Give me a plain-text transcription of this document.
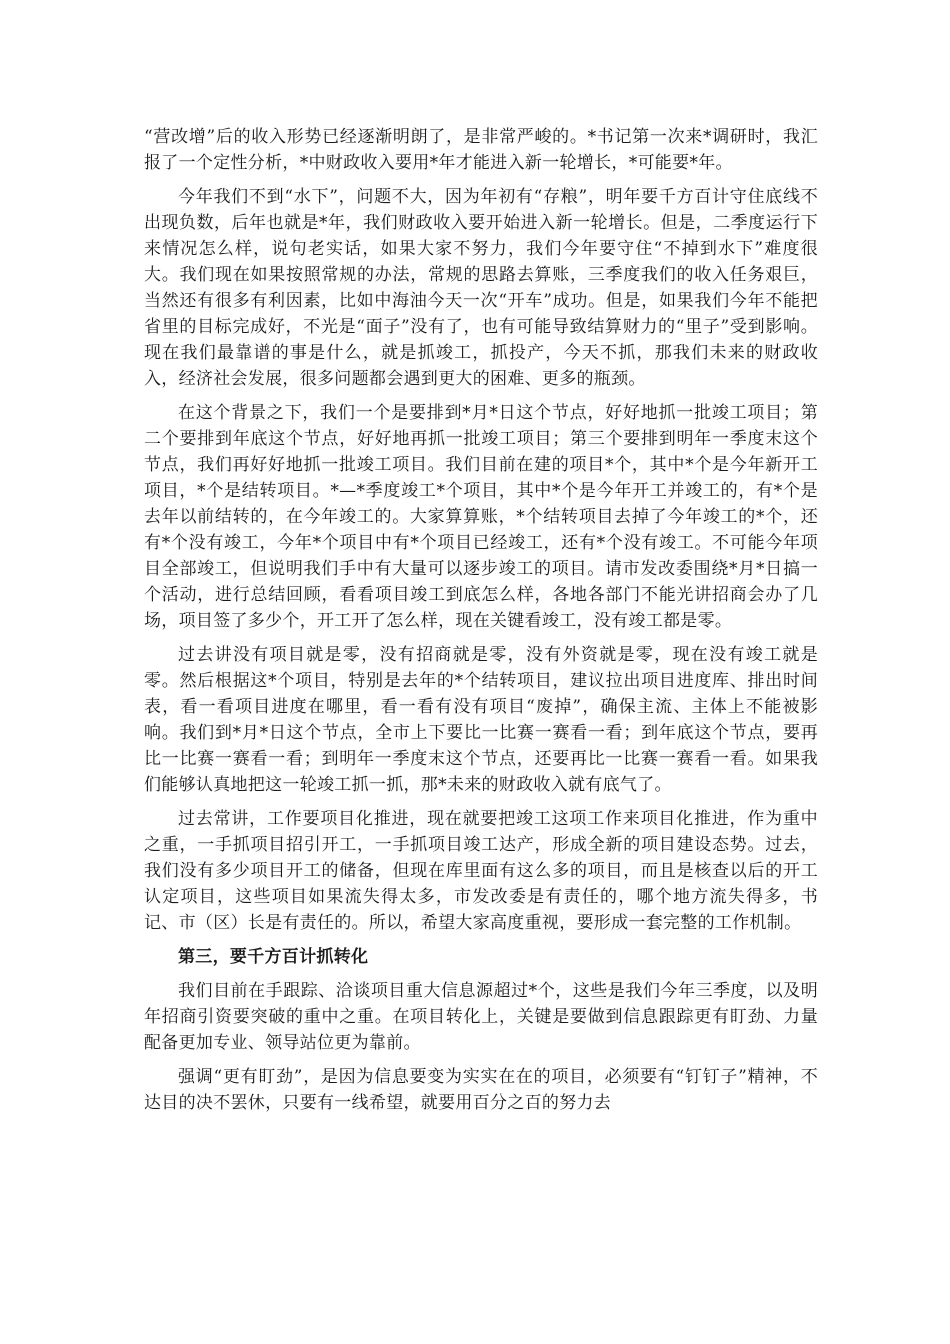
“营改增”后的收入形势已经逐渐明朗了，是非常严峻的。*书记第一次来*调研时，我汇报了一个定性分析，*中财政收入要用*年才能进入新一轮增长，*可能要*年。

今年我们不到“水下”，问题不大，因为年初有“存粮”，明年要千方百计守住底线不出现负数，后年也就是*年，我们财政收入要开始进入新一轮增长。但是，二季度运行下来情况怎么样，说句老实话，如果大家不努力，我们今年要守住“不掉到水下”难度很大。我们现在如果按照常规的办法，常规的思路去算账，三季度我们的收入任务艰巨，当然还有很多有利因素，比如中海油今天一次“开车”成功。但是，如果我们今年不能把省里的目标完成好，不光是“面子”没有了，也有可能导致结算财力的“里子”受到影响。现在我们最靠谱的事是什么，就是抓竣工，抓投产，今天不抓，那我们未来的财政收入，经济社会发展，很多问题都会遇到更大的困难、更多的瓶颈。

在这个背景之下，我们一个是要排到*月*日这个节点，好好地抓一批竣工项目；第二个要排到年底这个节点，好好地再抓一批竣工项目；第三个要排到明年一季度末这个节点，我们再好好地抓一批竣工项目。我们目前在建的项目*个，其中*个是今年新开工项目，*个是结转项目。*—*季度竣工*个项目，其中*个是今年开工并竣工的，有*个是去年以前结转的，在今年竣工的。大家算算账，*个结转项目去掉了今年竣工的*个，还有*个没有竣工，今年*个项目中有*个项目已经竣工，还有*个没有竣工。不可能今年项目全部竣工，但说明我们手中有大量可以逐步竣工的项目。请市发改委围绕*月*日搞一个活动，进行总结回顾，看看项目竣工到底怎么样，各地各部门不能光讲招商会办了几场，项目签了多少个，开工开了怎么样，现在关键看竣工，没有竣工都是零。

过去讲没有项目就是零，没有招商就是零，没有外资就是零，现在没有竣工就是零。然后根据这*个项目，特别是去年的*个结转项目，建议拉出项目进度库、排出时间表，看一看项目进度在哪里，看一看有没有项目“废掉”，确保主流、主体上不能被影响。我们到*月*日这个节点，全市上下要比一比赛一赛看一看；到年底这个节点，要再比一比赛一赛看一看；到明年一季度末这个节点，还要再比一比赛一赛看一看。如果我们能够认真地把这一轮竣工抓一抓，那*未来的财政收入就有底气了。

过去常讲，工作要项目化推进，现在就要把竣工这项工作来项目化推进，作为重中之重，一手抓项目招引开工，一手抓项目竣工达产，形成全新的项目建设态势。过去，我们没有多少项目开工的储备，但现在库里面有这么多的项目，而且是核查以后的开工认定项目，这些项目如果流失得太多，市发改委是有责任的，哪个地方流失得多，书记、市（区）长是有责任的。所以，希望大家高度重视，要形成一套完整的工作机制。

第三，要千方百计抓转化

我们目前在手跟踪、洽谈项目重大信息源超过*个，这些是我们今年三季度，以及明年招商引资要突破的重中之重。在项目转化上，关键是要做到信息跟踪更有盯劲、力量配备更加专业、领导站位更为靠前。

强调“更有盯劲”，是因为信息要变为实实在在的项目，必须要有“钉钉子”精神，不达目的决不罢休，只要有一线希望，就要用百分之百的努力去
